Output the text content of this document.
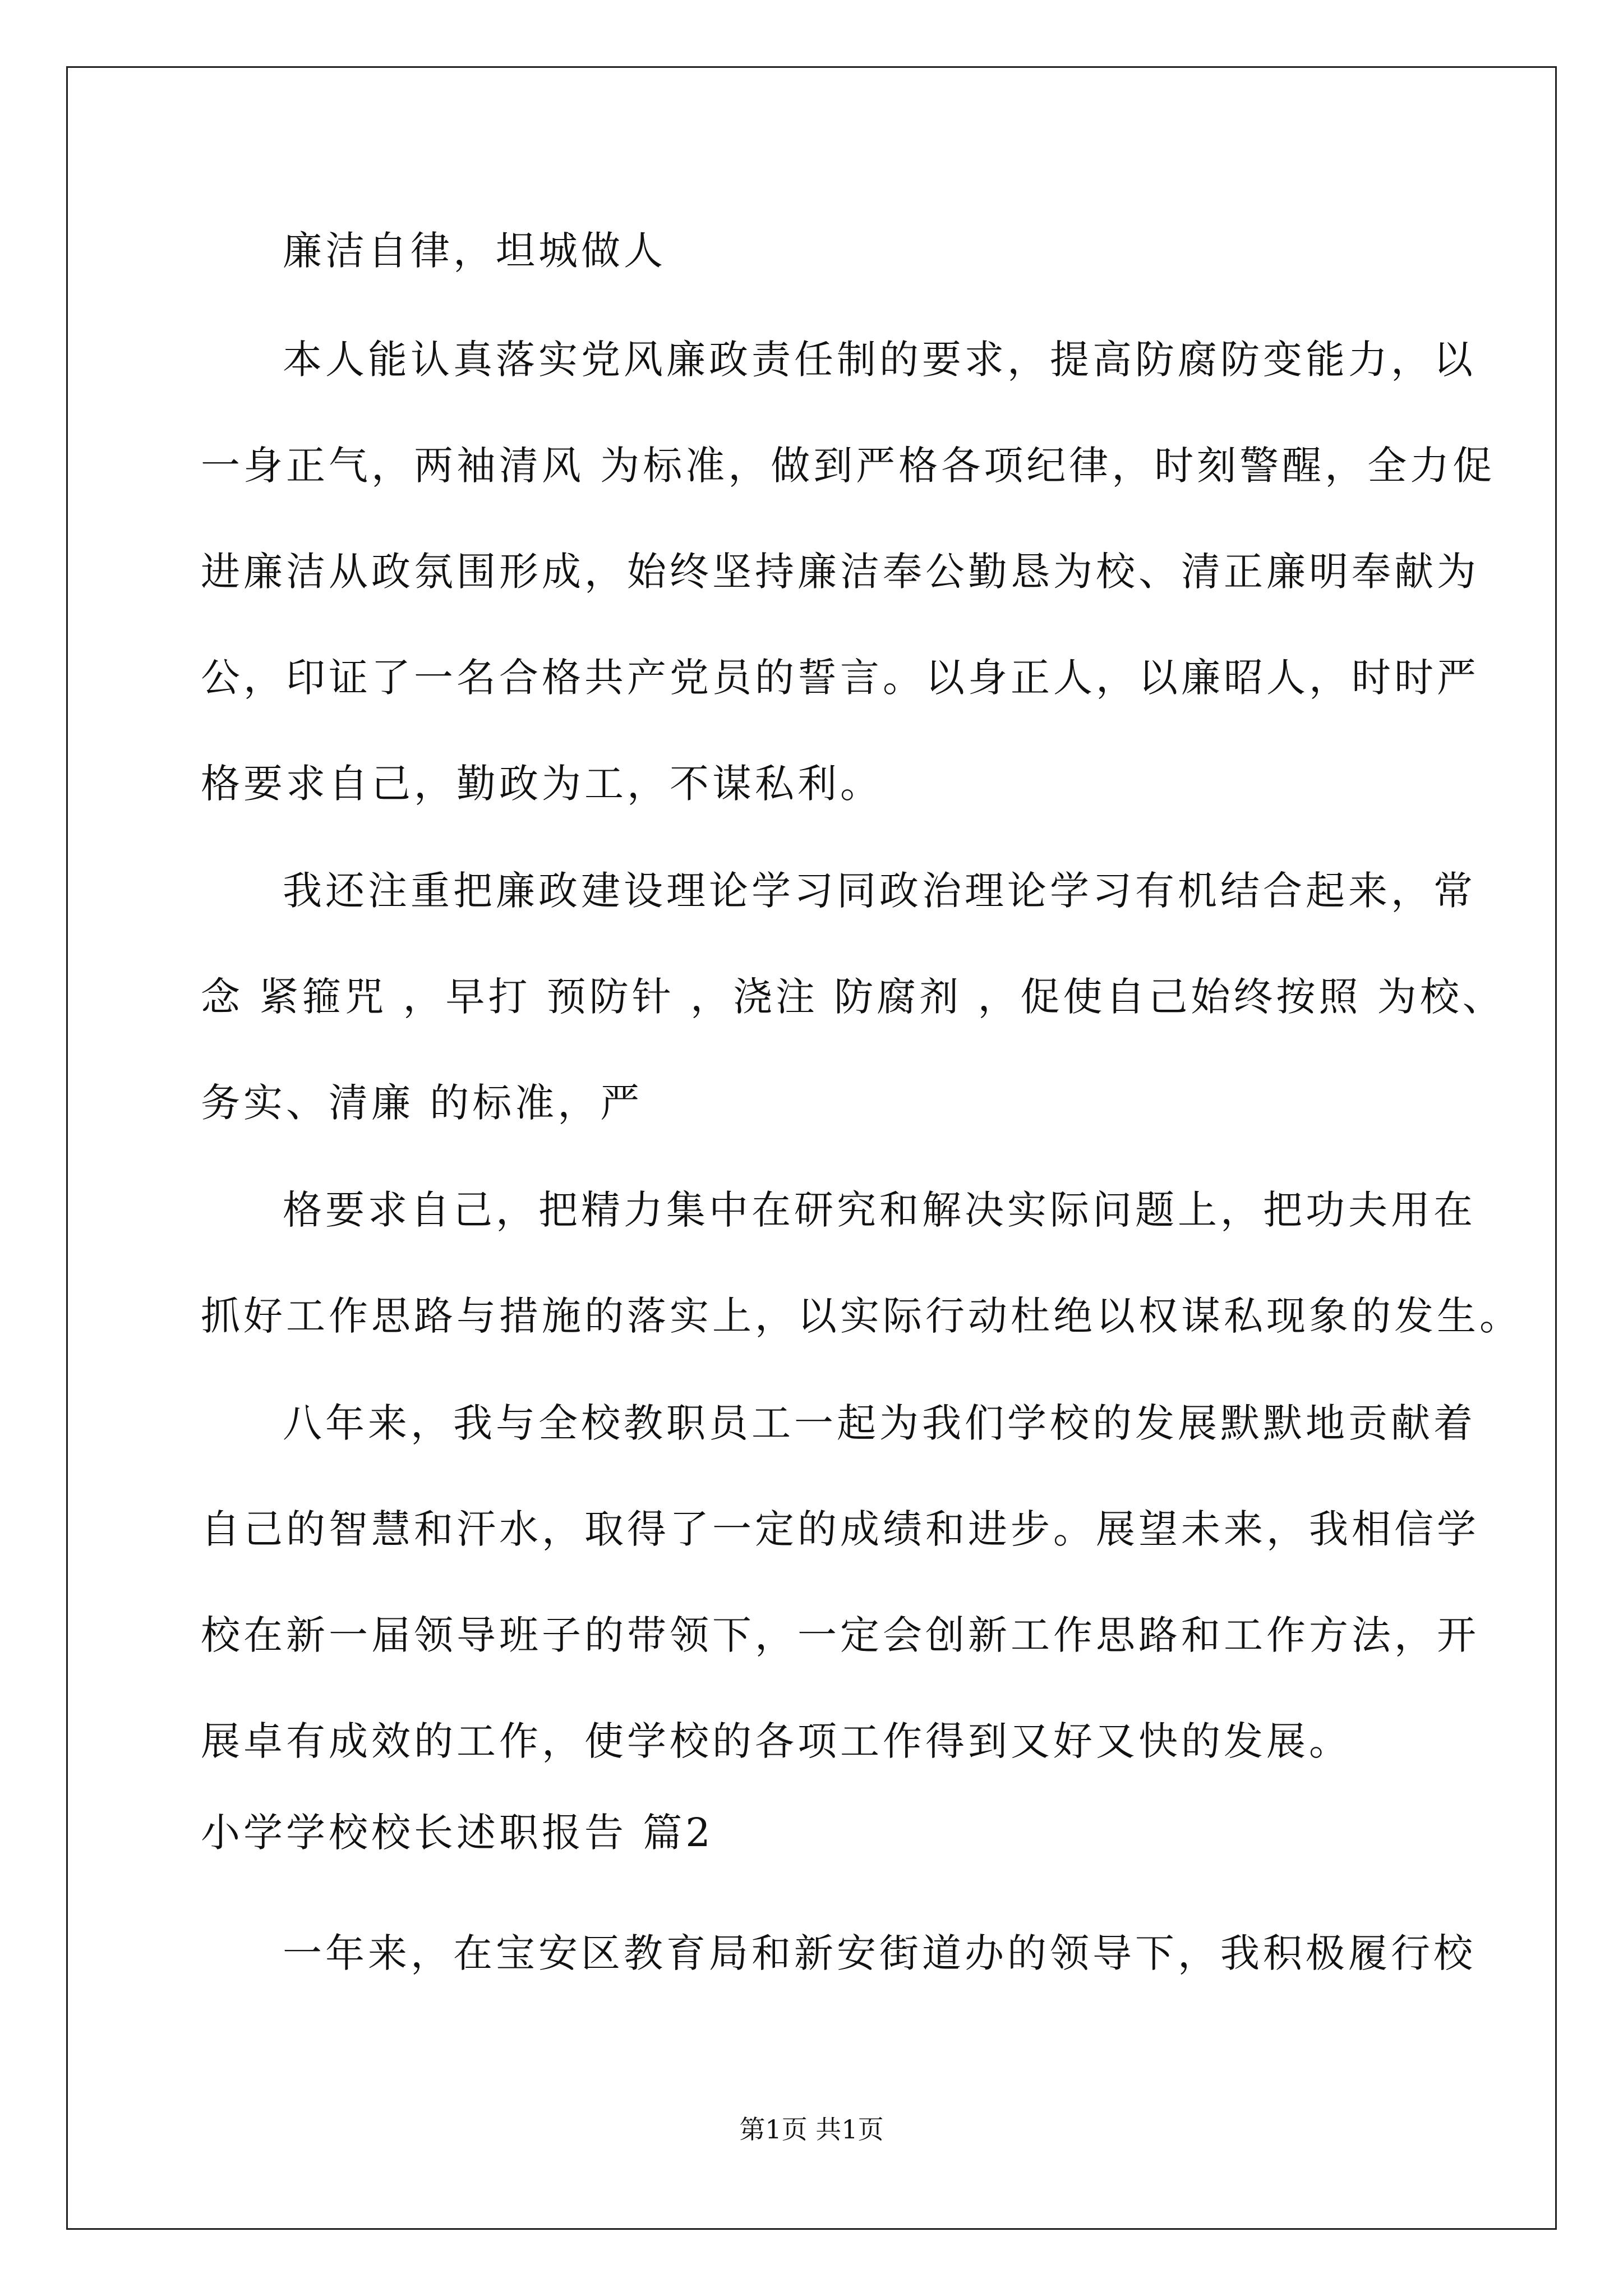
廉洁自律，坦城做人
本人能认真落实党风廉政责任制的要求，提高防腐防变能力，以
一身正气，两袖清风 为标准，做到严格各项纪律，时刻警醒，全力促
进廉洁从政氛围形成，始终坚持廉洁奉公勤恳为校、清正廉明奉献为
公，印证了一名合格共产党员的誓言。以身正人，以廉昭人，时时严
格要求自己，勤政为工，不谋私利。
我还注重把廉政建设理论学习同政治理论学习有机结合起来，常
念 紧箍咒 ，早打 预防针 ，浇注 防腐剂 ，促使自己始终按照 为校、
务实、清廉 的标准，严
格要求自己，把精力集中在研究和解决实际问题上，把功夫用在
抓好工作思路与措施的落实上，以实际行动杜绝以权谋私现象的发生。
八年来，我与全校教职员工一起为我们学校的发展默默地贡献着
自己的智慧和汗水，取得了一定的成绩和进步。展望未来，我相信学
校在新一届领导班子的带领下，一定会创新工作思路和工作方法，开
展卓有成效的工作，使学校的各项工作得到又好又快的发展。
小学学校校长述职报告 篇2
一年来，在宝安区教育局和新安街道办的领导下，我积极履行校
第1页 共1页
